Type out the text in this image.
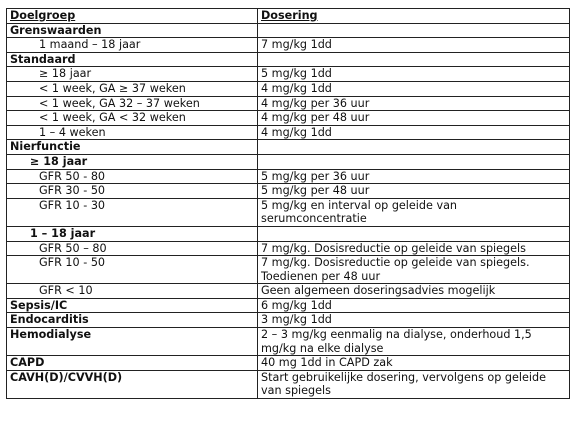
Doelgroep	Dosering
Grenswaarden	
1 maand – 18 jaar	7 mg/kg 1dd
Standaard	
≥ 18 jaar	5 mg/kg 1dd
< 1 week, GA ≥ 37 weken	4 mg/kg 1dd
< 1 week, GA 32 – 37 weken	4 mg/kg per 36 uur
< 1 week, GA < 32 weken	4 mg/kg per 48 uur
1 – 4 weken	4 mg/kg 1dd
Nierfunctie	
≥ 18 jaar	
GFR 50 - 80	5 mg/kg per 36 uur
GFR 30 - 50	5 mg/kg per 48 uur
GFR 10 - 30	5 mg/kg en interval op geleide van serumconcentratie
1 – 18 jaar	
GFR 50 – 80	7 mg/kg. Dosisreductie op geleide van spiegels
GFR 10 - 50	7 mg/kg. Dosisreductie op geleide van spiegels. Toedienen per 48 uur
GFR < 10	Geen algemeen doseringsadvies mogelijk
Sepsis/IC	6 mg/kg 1dd
Endocarditis	3 mg/kg 1dd
Hemodialyse	2 – 3 mg/kg eenmalig na dialyse, onderhoud 1,5 mg/kg na elke dialyse
CAPD	40 mg 1dd in CAPD zak
CAVH(D)/CVVH(D)	Start gebruikelijke dosering, vervolgens op geleide van spiegels
